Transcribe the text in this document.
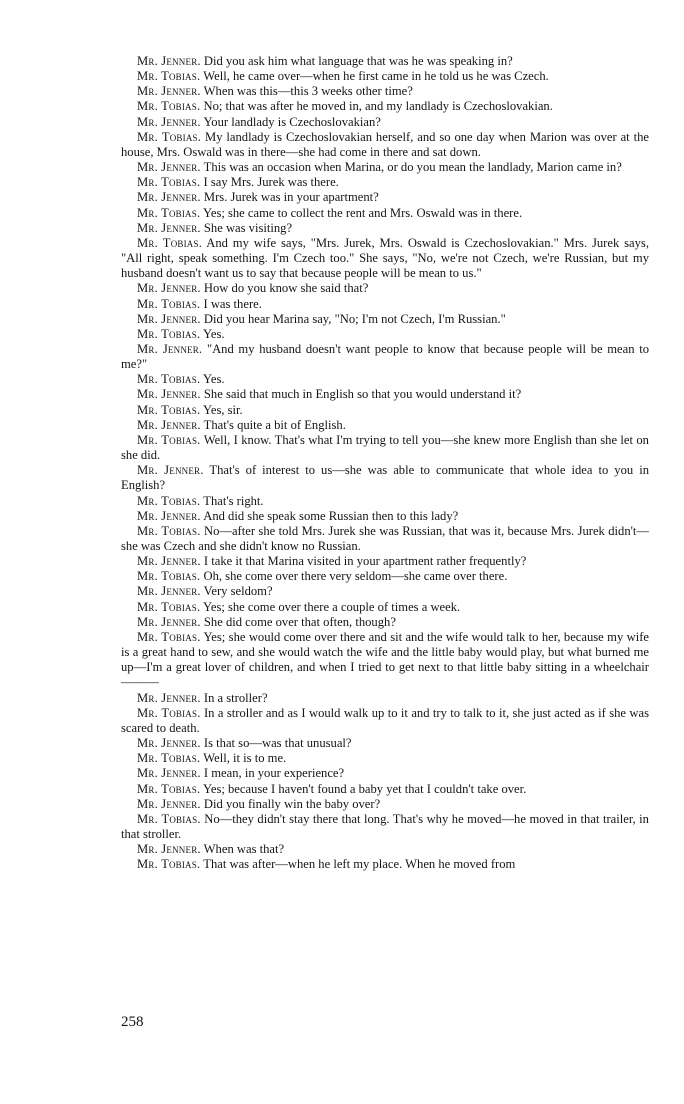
Mr. Jenner. Did you ask him what language that was he was speaking in?

Mr. Tobias. Well, he came over—when he first came in he told us he was Czech.

Mr. Jenner. When was this—this 3 weeks other time?

Mr. Tobias. No; that was after he moved in, and my landlady is Czechoslovakian.

Mr. Jenner. Your landlady is Czechoslovakian?

Mr. Tobias. My landlady is Czechoslovakian herself, and so one day when Marion was over at the house, Mrs. Oswald was in there—she had come in there and sat down.

Mr. Jenner. This was an occasion when Marina, or do you mean the landlady, Marion came in?

Mr. Tobias. I say Mrs. Jurek was there.

Mr. Jenner. Mrs. Jurek was in your apartment?

Mr. Tobias. Yes; she came to collect the rent and Mrs. Oswald was in there.

Mr. Jenner. She was visiting?

Mr. Tobias. And my wife says, "Mrs. Jurek, Mrs. Oswald is Czechoslovakian." Mrs. Jurek says, "All right, speak something. I'm Czech too." She says, "No, we're not Czech, we're Russian, but my husband doesn't want us to say that because people will be mean to us."

Mr. Jenner. How do you know she said that?

Mr. Tobias. I was there.

Mr. Jenner. Did you hear Marina say, "No; I'm not Czech, I'm Russian."

Mr. Tobias. Yes.

Mr. Jenner. "And my husband doesn't want people to know that because people will be mean to me?"

Mr. Tobias. Yes.

Mr. Jenner. She said that much in English so that you would understand it?

Mr. Tobias. Yes, sir.

Mr. Jenner. That's quite a bit of English.

Mr. Tobias. Well, I know. That's what I'm trying to tell you—she knew more English than she let on she did.

Mr. Jenner. That's of interest to us—she was able to communicate that whole idea to you in English?

Mr. Tobias. That's right.

Mr. Jenner. And did she speak some Russian then to this lady?

Mr. Tobias. No—after she told Mrs. Jurek she was Russian, that was it, because Mrs. Jurek didn't—she was Czech and she didn't know no Russian.

Mr. Jenner. I take it that Marina visited in your apartment rather frequently?

Mr. Tobias. Oh, she come over there very seldom—she came over there.

Mr. Jenner. Very seldom?

Mr. Tobias. Yes; she come over there a couple of times a week.

Mr. Jenner. She did come over that often, though?

Mr. Tobias. Yes; she would come over there and sit and the wife would talk to her, because my wife is a great hand to sew, and she would watch the wife and the little baby would play, but what burned me up—I'm a great lover of children, and when I tried to get next to that little baby sitting in a wheelchair———

Mr. Jenner. In a stroller?

Mr. Tobias. In a stroller and as I would walk up to it and try to talk to it, she just acted as if she was scared to death.

Mr. Jenner. Is that so—was that unusual?

Mr. Tobias. Well, it is to me.

Mr. Jenner. I mean, in your experience?

Mr. Tobias. Yes; because I haven't found a baby yet that I couldn't take over.

Mr. Jenner. Did you finally win the baby over?

Mr. Tobias. No—they didn't stay there that long. That's why he moved—he moved in that trailer, in that stroller.

Mr. Jenner. When was that?

Mr. Tobias. That was after—when he left my place. When he moved from

258
